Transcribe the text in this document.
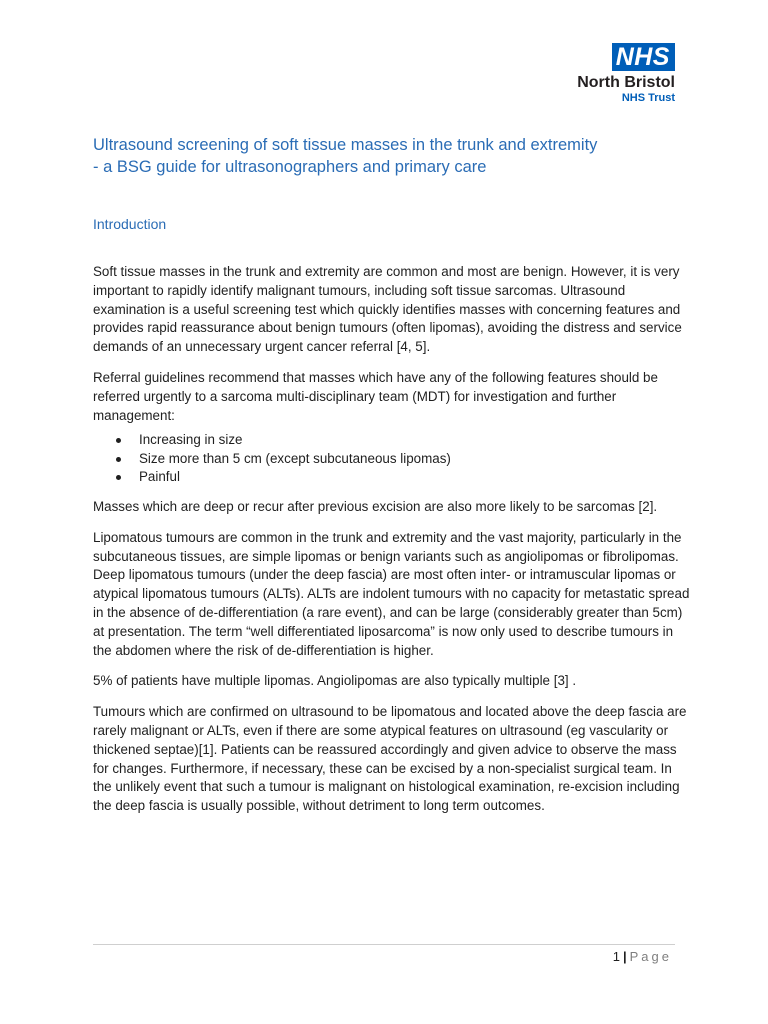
NHS
North Bristol
NHS Trust
Ultrasound screening of soft tissue masses in the trunk and extremity
- a BSG guide for ultrasonographers and primary care
Introduction

Soft tissue masses in the trunk and extremity are common and most are benign. However, it is very important to rapidly identify malignant tumours, including soft tissue sarcomas. Ultrasound examination is a useful screening test which quickly identifies masses with concerning features and provides rapid reassurance about benign tumours (often lipomas), avoiding the distress and service demands of an unnecessary urgent cancer referral [4, 5].

Referral guidelines recommend that masses which have any of the following features should be referred urgently to a sarcoma multi-disciplinary team (MDT) for investigation and further management:

Increasing in size
Size more than 5 cm (except subcutaneous lipomas)
Painful

Masses which are deep or recur after previous excision are also more likely to be sarcomas [2].

Lipomatous tumours are common in the trunk and extremity and the vast majority, particularly in the subcutaneous tissues, are simple lipomas or benign variants such as angiolipomas or fibrolipomas. Deep lipomatous tumours (under the deep fascia) are most often inter- or intramuscular lipomas or atypical lipomatous tumours (ALTs). ALTs are indolent tumours with no capacity for metastatic spread in the absence of de-differentiation (a rare event), and can be large (considerably greater than 5cm) at presentation. The term “well differentiated liposarcoma” is now only used to describe tumours in the abdomen where the risk of de-differentiation is higher.

5% of patients have multiple lipomas. Angiolipomas are also typically multiple [3] .

Tumours which are confirmed on ultrasound to be lipomatous and located above the deep fascia are rarely malignant or ALTs, even if there are some atypical features on ultrasound (eg vascularity or thickened septae)[1]. Patients can be reassured accordingly and given advice to observe the mass for changes. Furthermore, if necessary, these can be excised by a non-specialist surgical team. In the unlikely event that such a tumour is malignant on histological examination, re-excision including the deep fascia is usually possible, without detriment to long term outcomes.

1 | Page
